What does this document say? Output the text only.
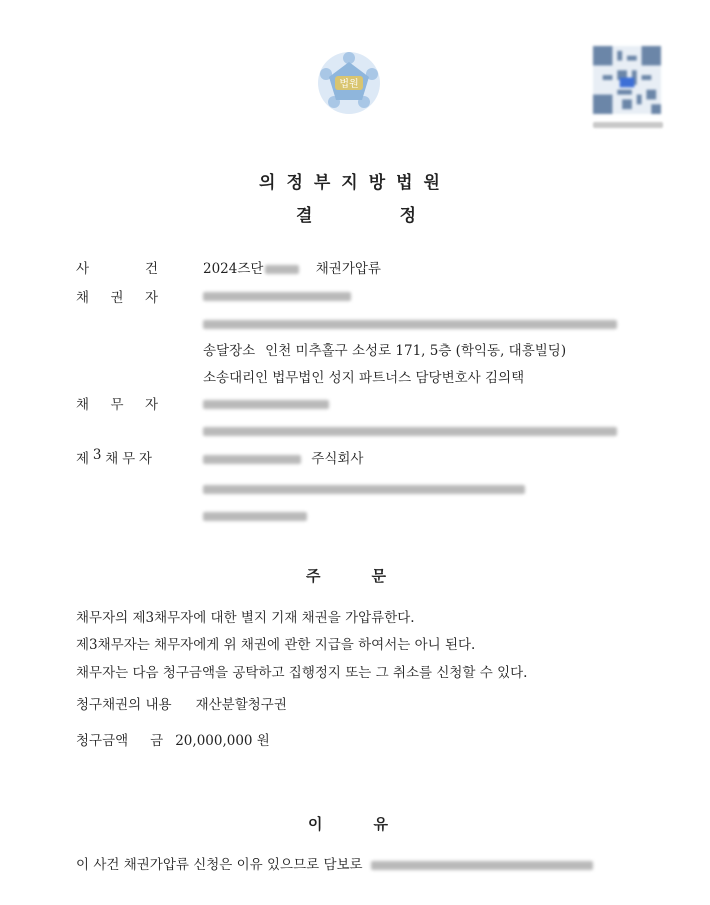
법원
의정부지방법원
결	정
사	건	2024즈단	채권가압류
채 권 자
송달장소 인천 미추홀구 소성로 171, 5층 (학익동, 대흥빌딩)
소송대리인 법무법인 성지 파트너스 담당변호사 김의택
채 무 자
제 3 채 무 자	주식회사
주	문
채무자의 제3채무자에 대한 별지 기재 채권을 가압류한다.
제3채무자는 채무자에게 위 채권에 관한 지급을 하여서는 아니 된다.
채무자는 다음 청구금액을 공탁하고 집행정지 또는 그 취소를 신청할 수 있다.
청구채권의 내용 재산분할청구권
청구금액 금 20,000,000 원
이	유
이 사건 채권가압류 신청은 이유 있으므로 담보로
